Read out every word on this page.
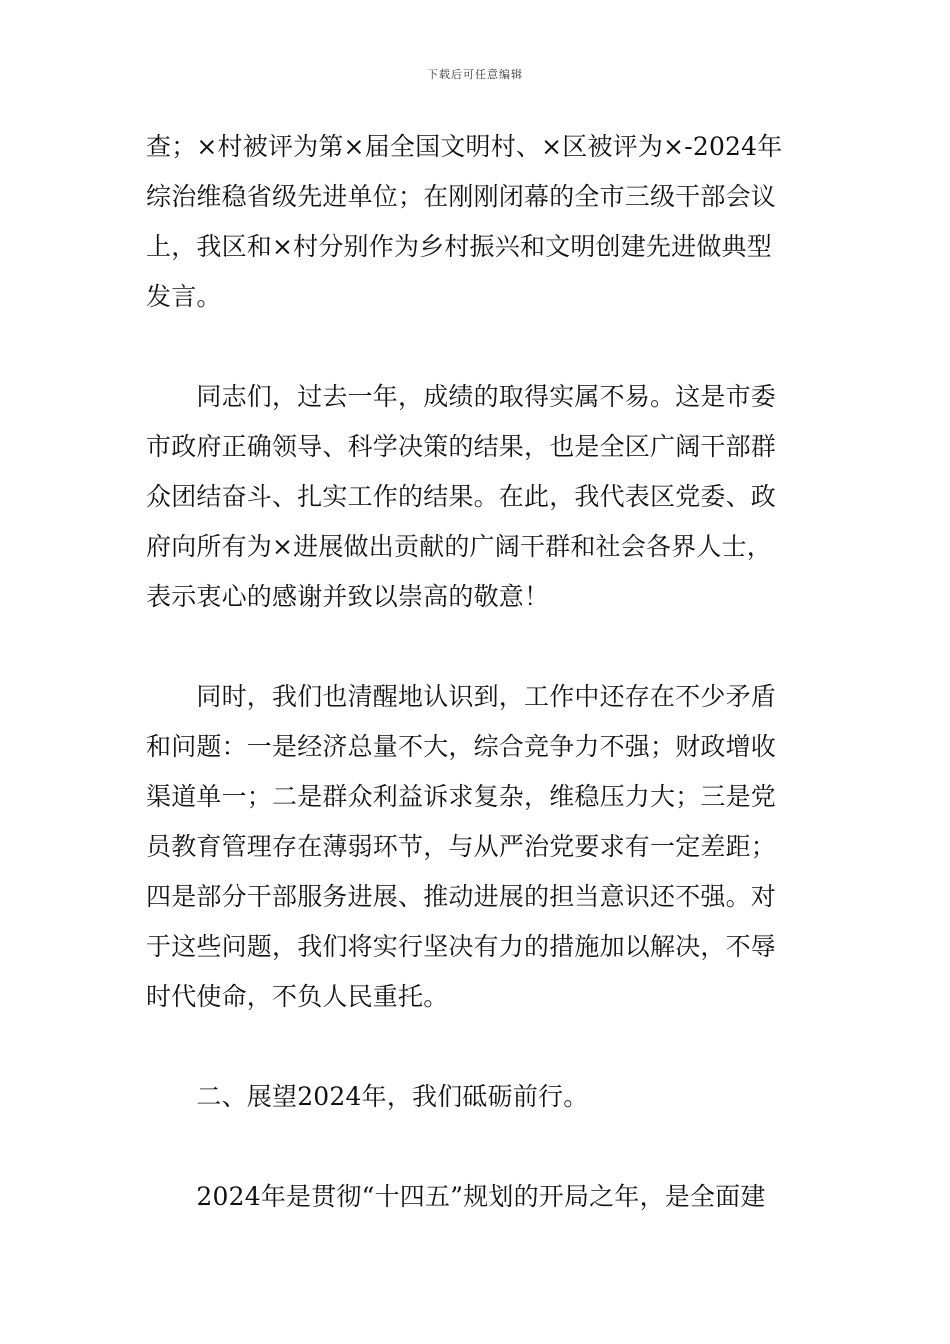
下载后可任意编辑
查；×村被评为第×届全国文明村、×区被评为×-2024年
综治维稳省级先进单位；在刚刚闭幕的全市三级干部会议
上，我区和×村分别作为乡村振兴和文明创建先进做典型
发言。
　　同志们，过去一年，成绩的取得实属不易。这是市委
市政府正确领导、科学决策的结果，也是全区广阔干部群
众团结奋斗、扎实工作的结果。在此，我代表区党委、政
府向所有为×进展做出贡献的广阔干群和社会各界人士，
表示衷心的感谢并致以崇高的敬意！
　　同时，我们也清醒地认识到，工作中还存在不少矛盾
和问题：一是经济总量不大，综合竞争力不强；财政增收
渠道单一；二是群众利益诉求复杂，维稳压力大；三是党
员教育管理存在薄弱环节，与从严治党要求有一定差距；
四是部分干部服务进展、推动进展的担当意识还不强。对
于这些问题，我们将实行坚决有力的措施加以解决，不辱
时代使命，不负人民重托。
　　二、展望2024年，我们砥砺前行。
　　2024年是贯彻“十四五”规划的开局之年，是全面建
